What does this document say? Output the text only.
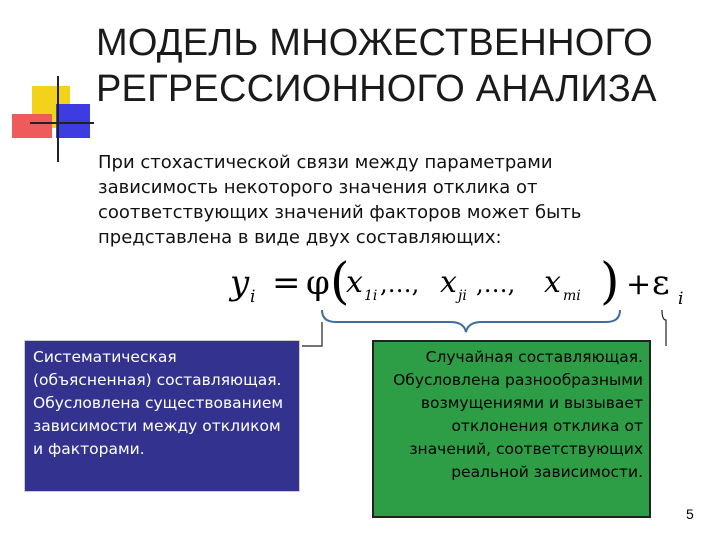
МОДЕЛЬ МНОЖЕСТВЕННОГО
РЕГРЕССИОННОГО АНАЛИЗА

При стохастической связи между параметрами зависимость некоторого значения отклика от соответствующих значений факторов может быть представлена в виде двух составляющих:

y i = φ (
x 1i ,…, x ji ,…, x mi ) + ε i
Систематическая (объясненная) составляющая. Обусловлена существованием зависимости между откликом и факторами.
Случайная составляющая. Обусловлена разнообразными возмущениями и вызывает отклонения отклика от значений, соответствующих реальной зависимости.
5
